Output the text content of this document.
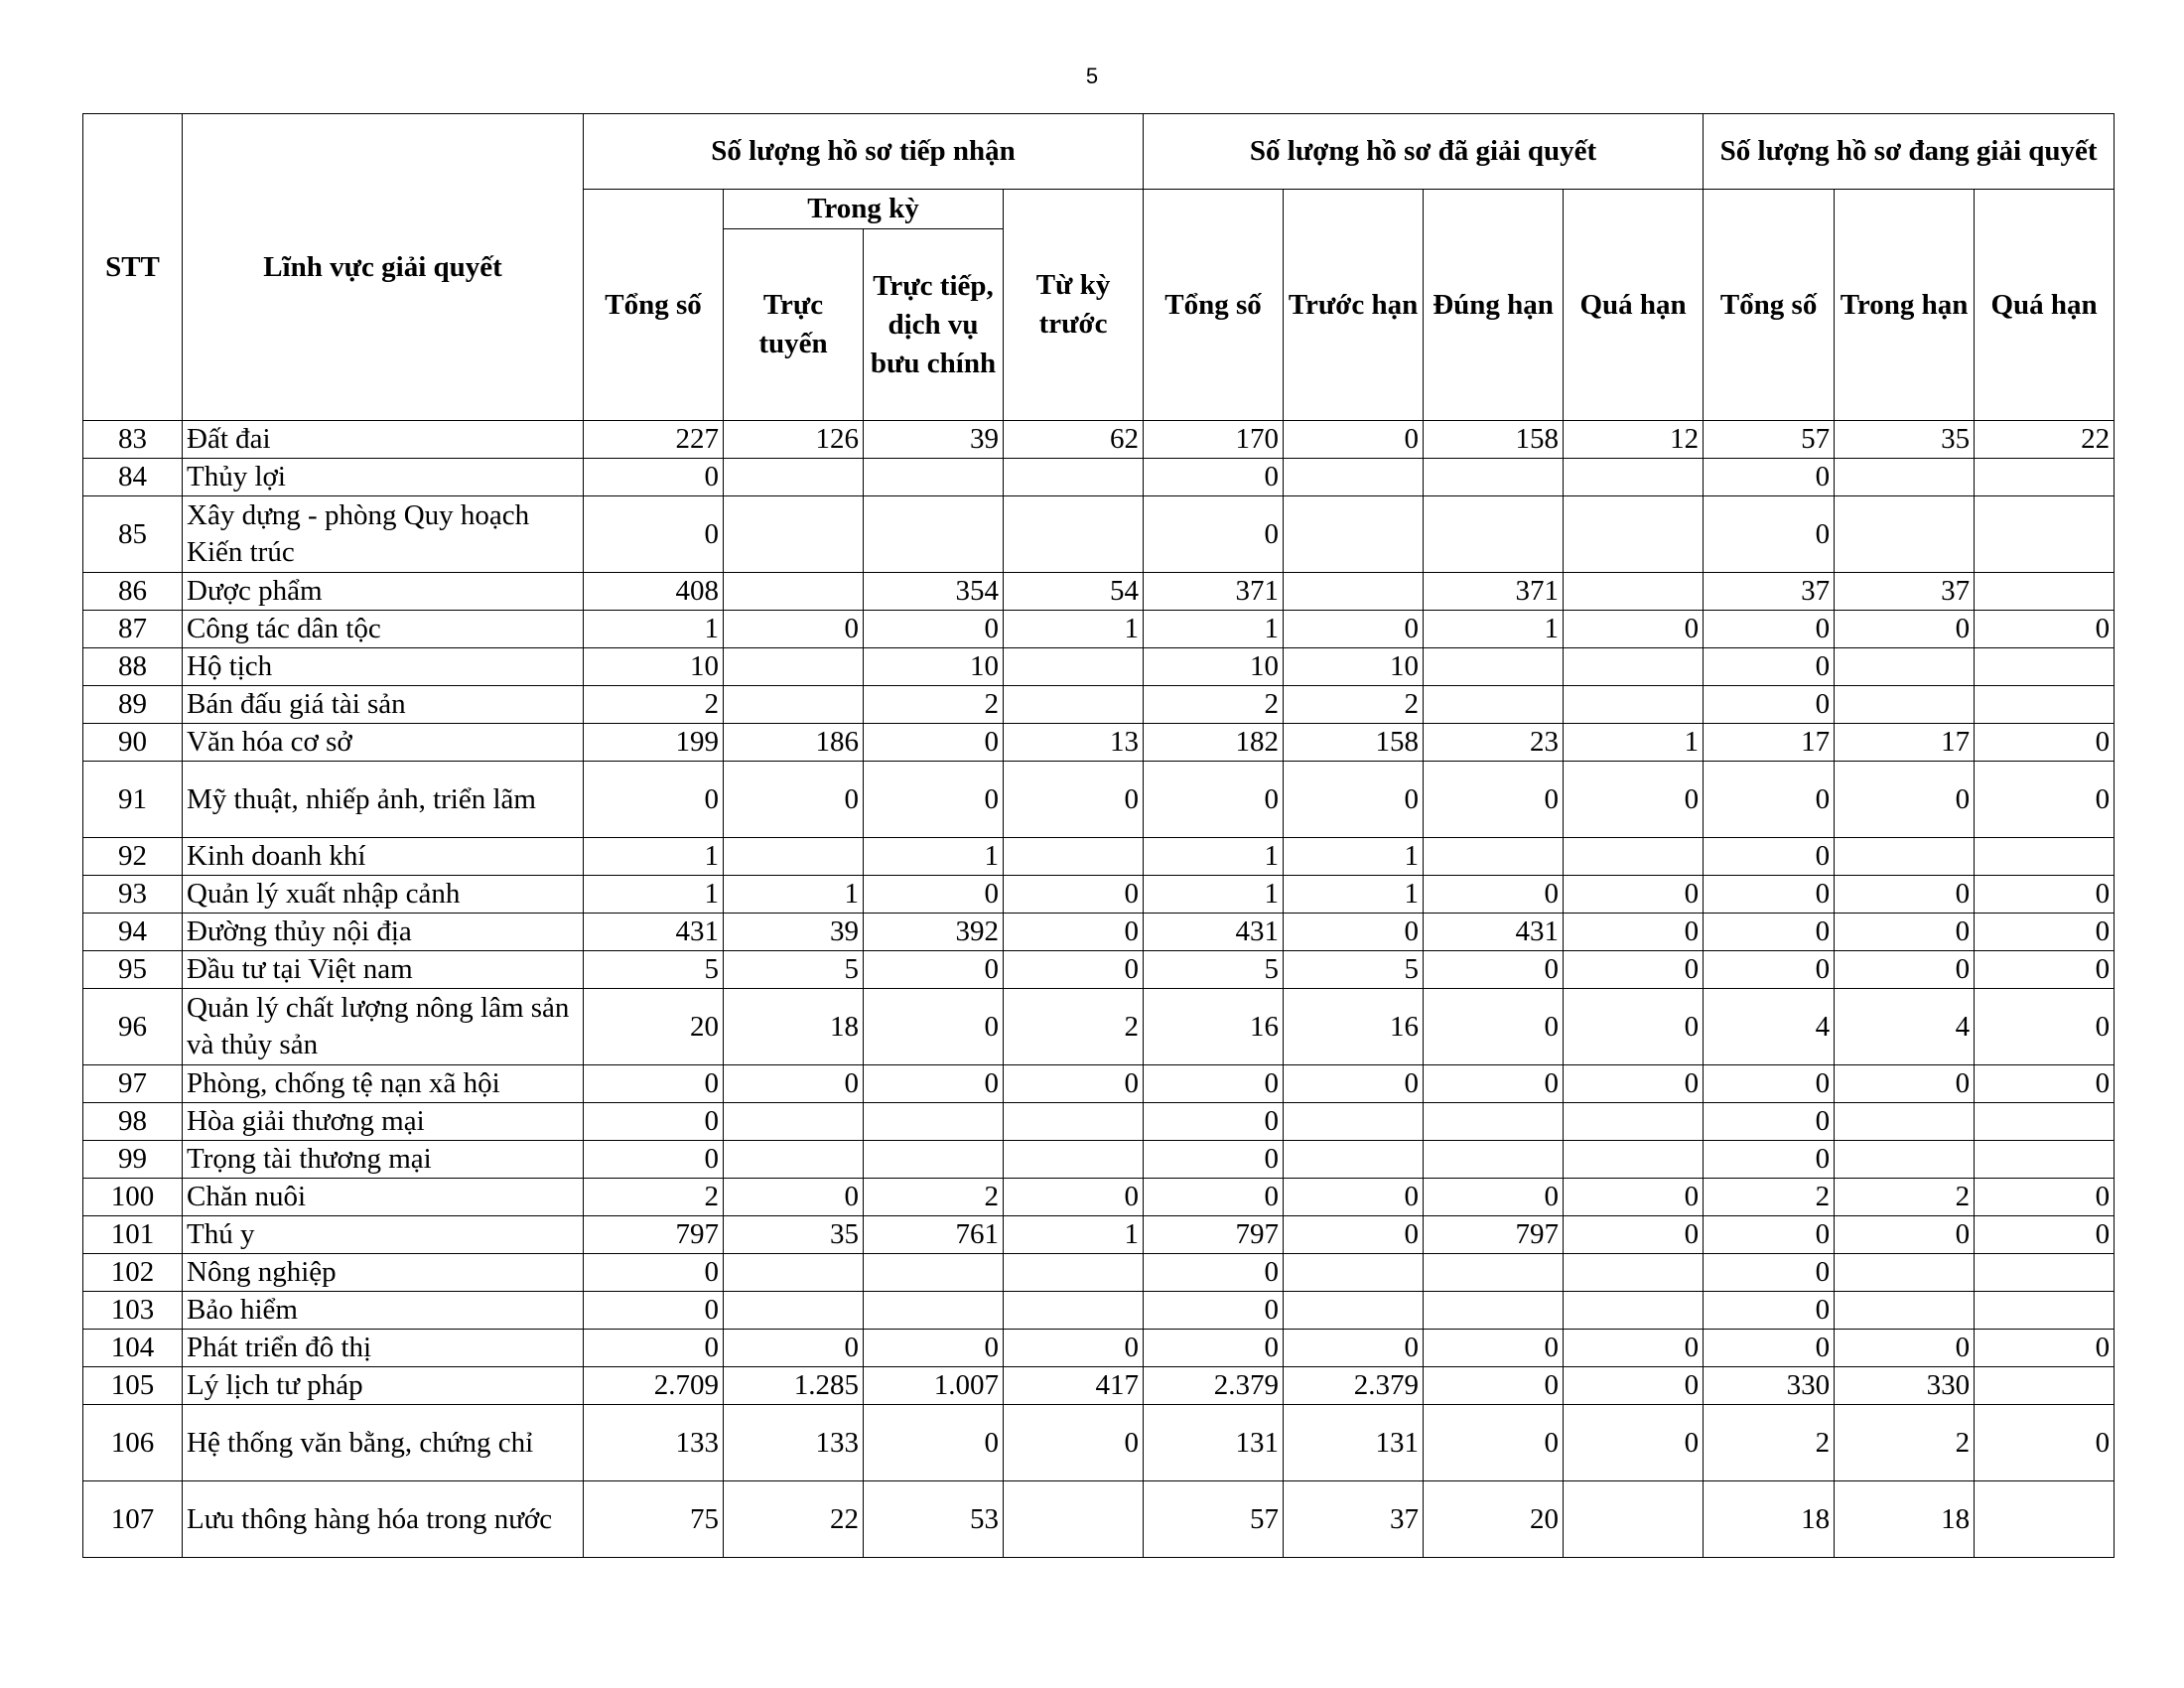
5
STT	Lĩnh vực giải quyết	Số lượng hồ sơ tiếp nhận				Số lượng hồ sơ đã giải quyết				Số lượng hồ sơ đang giải quyết		
		Tổng số	Trong kỳ		Từ kỳ trước	Tổng số	Trước hạn	Đúng hạn	Quá hạn	Tổng số	Trong hạn	Quá hạn
			Trực tuyến	Trực tiếp, dịch vụ bưu chính								
83	Đất đai	227	126	39	62	170	0	158	12	57	35	22
84	Thủy lợi	0				0				0		
85	Xây dựng - phòng Quy hoạch Kiến trúc	0				0				0		
86	Dược phẩm	408		354	54	371		371		37	37	
87	Công tác dân tộc	1	0	0	1	1	0	1	0	0	0	0
88	Hộ tịch	10		10		10	10			0		
89	Bán đấu giá tài sản	2		2		2	2			0		
90	Văn hóa cơ sở	199	186	0	13	182	158	23	1	17	17	0
91	Mỹ thuật, nhiếp ảnh, triển lãm	0	0	0	0	0	0	0	0	0	0	0
92	Kinh doanh khí	1		1		1	1			0		
93	Quản lý xuất nhập cảnh	1	1	0	0	1	1	0	0	0	0	0
94	Đường thủy nội địa	431	39	392	0	431	0	431	0	0	0	0
95	Đầu tư tại Việt nam	5	5	0	0	5	5	0	0	0	0	0
96	Quản lý chất lượng nông lâm sản và thủy sản	20	18	0	2	16	16	0	0	4	4	0
97	Phòng, chống tệ nạn xã hội	0	0	0	0	0	0	0	0	0	0	0
98	Hòa giải thương mại	0				0				0		
99	Trọng tài thương mại	0				0				0		
100	Chăn nuôi	2	0	2	0	0	0	0	0	2	2	0
101	Thú y	797	35	761	1	797	0	797	0	0	0	0
102	Nông nghiệp	0				0				0		
103	Bảo hiểm	0				0				0		
104	Phát triển đô thị	0	0	0	0	0	0	0	0	0	0	0
105	Lý lịch tư pháp	2.709	1.285	1.007	417	2.379	2.379	0	0	330	330	
106	Hệ thống văn bằng, chứng chỉ	133	133	0	0	131	131	0	0	2	2	0
107	Lưu thông hàng hóa trong nước	75	22	53		57	37	20		18	18	
